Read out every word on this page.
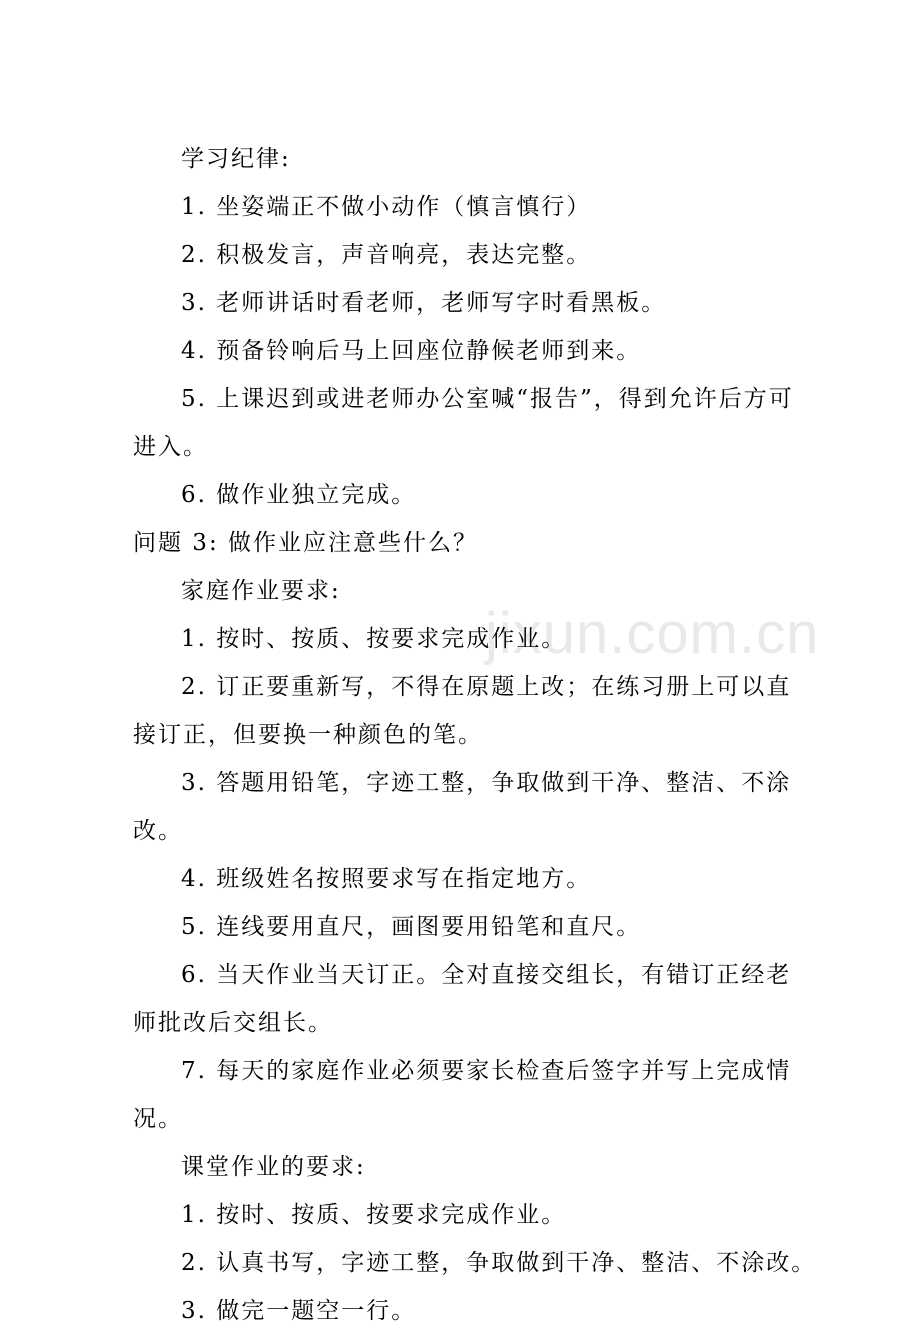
jixun.com.cn
学习纪律:
1. 坐姿端正不做小动作（慎言慎行）
2. 积极发言，声音响亮，表达完整。
3. 老师讲话时看老师，老师写字时看黑板。
4. 预备铃响后马上回座位静候老师到来。
5. 上课迟到或进老师办公室喊“报告”，得到允许后方可
进入。
6. 做作业独立完成。
问题 3: 做作业应注意些什么？
家庭作业要求:
1. 按时、按质、按要求完成作业。
2. 订正要重新写，不得在原题上改；在练习册上可以直
接订正，但要换一种颜色的笔。
3. 答题用铅笔，字迹工整，争取做到干净、整洁、不涂
改。
4. 班级姓名按照要求写在指定地方。
5. 连线要用直尺，画图要用铅笔和直尺。
6. 当天作业当天订正。全对直接交组长，有错订正经老
师批改后交组长。
7. 每天的家庭作业必须要家长检查后签字并写上完成情
况。
课堂作业的要求:
1. 按时、按质、按要求完成作业。
2. 认真书写，字迹工整，争取做到干净、整洁、不涂改。
3. 做完一题空一行。
